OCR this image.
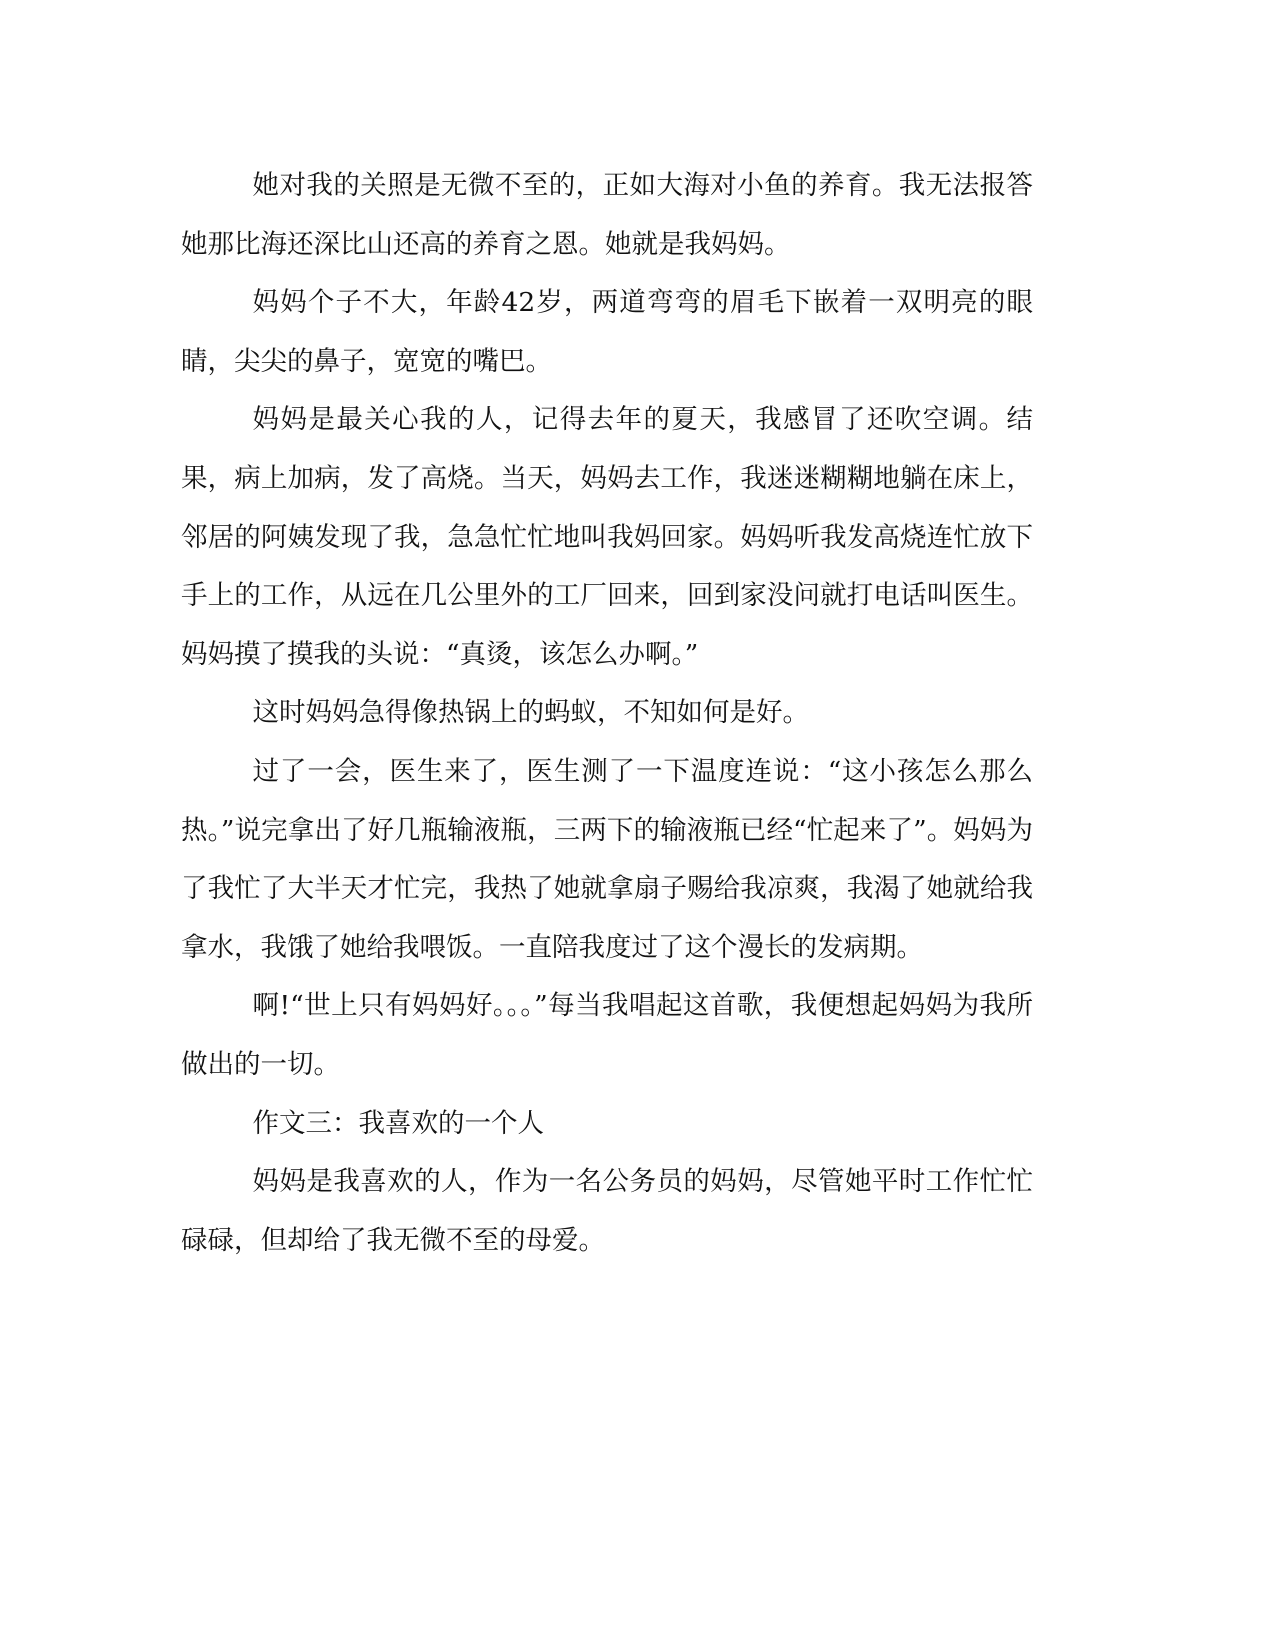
她对我的关照是无微不至的，正如大海对小鱼的养育。我无法报答她那比海还深比山还高的养育之恩。她就是我妈妈。

妈妈个子不大，年龄42岁，两道弯弯的眉毛下嵌着一双明亮的眼睛，尖尖的鼻子，宽宽的嘴巴。

妈妈是最关心我的人，记得去年的夏天，我感冒了还吹空调。结果，病上加病，发了高烧。当天，妈妈去工作，我迷迷糊糊地躺在床上，邻居的阿姨发现了我，急急忙忙地叫我妈回家。妈妈听我发高烧连忙放下手上的工作，从远在几公里外的工厂回来，回到家没问就打电话叫医生。妈妈摸了摸我的头说：“真烫，该怎么办啊。”

这时妈妈急得像热锅上的蚂蚁，不知如何是好。

过了一会，医生来了，医生测了一下温度连说：“这小孩怎么那么热。”说完拿出了好几瓶输液瓶，三两下的输液瓶已经“忙起来了”。妈妈为了我忙了大半天才忙完，我热了她就拿扇子赐给我凉爽，我渴了她就给我拿水，我饿了她给我喂饭。一直陪我度过了这个漫长的发病期。

啊!“世上只有妈妈好。。。”每当我唱起这首歌，我便想起妈妈为我所做出的一切。

作文三：我喜欢的一个人

妈妈是我喜欢的人，作为一名公务员的妈妈，尽管她平时工作忙忙碌碌，但却给了我无微不至的母爱。
